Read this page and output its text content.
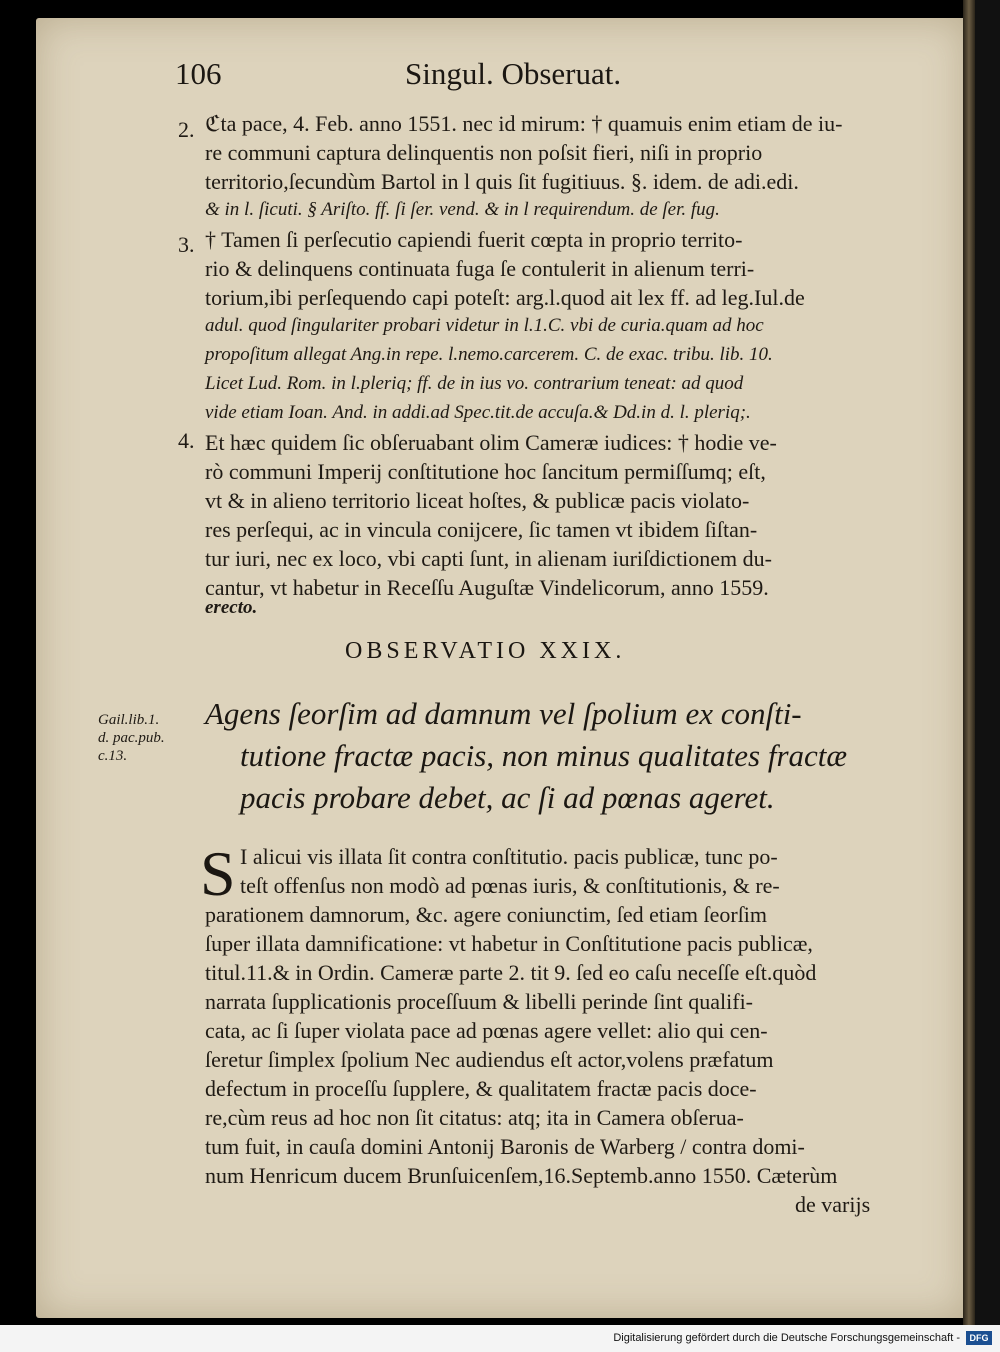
106	Singul. Obseruat.
2.
3.
4.
ℭta pace, 4. Feb. anno 1551. nec id mirum: † quamuis enim etiam de iu-
re communi captura delinquentis non poſsit fieri, niſi in proprio
territorio,ſecundùm Bartol in l quis ſit fugitiuus. §. idem. de adi.edi.
& in l. ſicuti. § Ariſto. ff. ſi ſer. vend. & in l requirendum. de ſer. fug.
† Tamen ſi perſecutio capiendi fuerit cœpta in proprio territo-
rio & delinquens continuata fuga ſe contulerit in alienum terri-
torium,ibi perſequendo capi poteſt: arg.l.quod ait lex ff. ad leg.Iul.de
adul. quod ſingulariter probari videtur in l.1.C. vbi de curia.quam ad hoc
propoſitum allegat Ang.in repe. l.nemo.carcerem. C. de exac. tribu. lib. 10.
Licet Lud. Rom. in l.pleriq; ff. de in ius vo. contrarium teneat: ad quod
vide etiam Ioan. And. in addi.ad Spec.tit.de accuſa.& Dd.in d. l. pleriq;.
Et hæc quidem ſic obſeruabant olim Cameræ iudices: † hodie ve-
rò communi Imperij conſtitutione hoc ſancitum permiſſumq; eſt,
vt & in alieno territorio liceat hoſtes, & publicæ pacis violato-
res perſequi, ac in vincula conijcere, ſic tamen vt ibidem ſiſtan-
tur iuri, nec ex loco, vbi capti ſunt, in alienam iuriſdictionem du-
cantur, vt habetur in Receſſu Auguſtæ Vindelicorum, anno 1559.
erecto.
OBSERVATIO XXIX.
Gail.lib.1.
d. pac.pub.
c.13.
Agens ſeorſim ad damnum vel ſpolium ex conſti-
tutione fractæ pacis, non minus qualitates fractæ
pacis probare debet, ac ſi ad pœnas ageret.
S I alicui vis illata ſit contra conſtitutio. pacis publicæ, tunc po-
teſt offenſus non modò ad pœnas iuris, & conſtitutionis, & re-
parationem damnorum, &c. agere coniunctim, ſed etiam ſeorſim
ſuper illata damnificatione: vt habetur in Conſtitutione pacis publicæ,
titul.11.& in Ordin. Cameræ parte 2. tit 9. ſed eo caſu neceſſe eſt.quòd
narrata ſupplicationis proceſſuum & libelli perinde ſint qualifi-
cata, ac ſi ſuper violata pace ad pœnas agere vellet: alio qui cen-
ſeretur ſimplex ſpolium Nec audiendus eſt actor,volens præfatum
defectum in proceſſu ſupplere, & qualitatem fractæ pacis doce-
re,cùm reus ad hoc non ſit citatus: atq; ita in Camera obſerua-
tum fuit, in cauſa domini Antonij Baronis de Warberg / contra domi-
num Henricum ducem Brunſuicenſem,16.Septemb.anno 1550. Cæterùm
de varijs
Digitalisierung gefördert durch die Deutsche Forschungsgemeinschaft -	DFG
